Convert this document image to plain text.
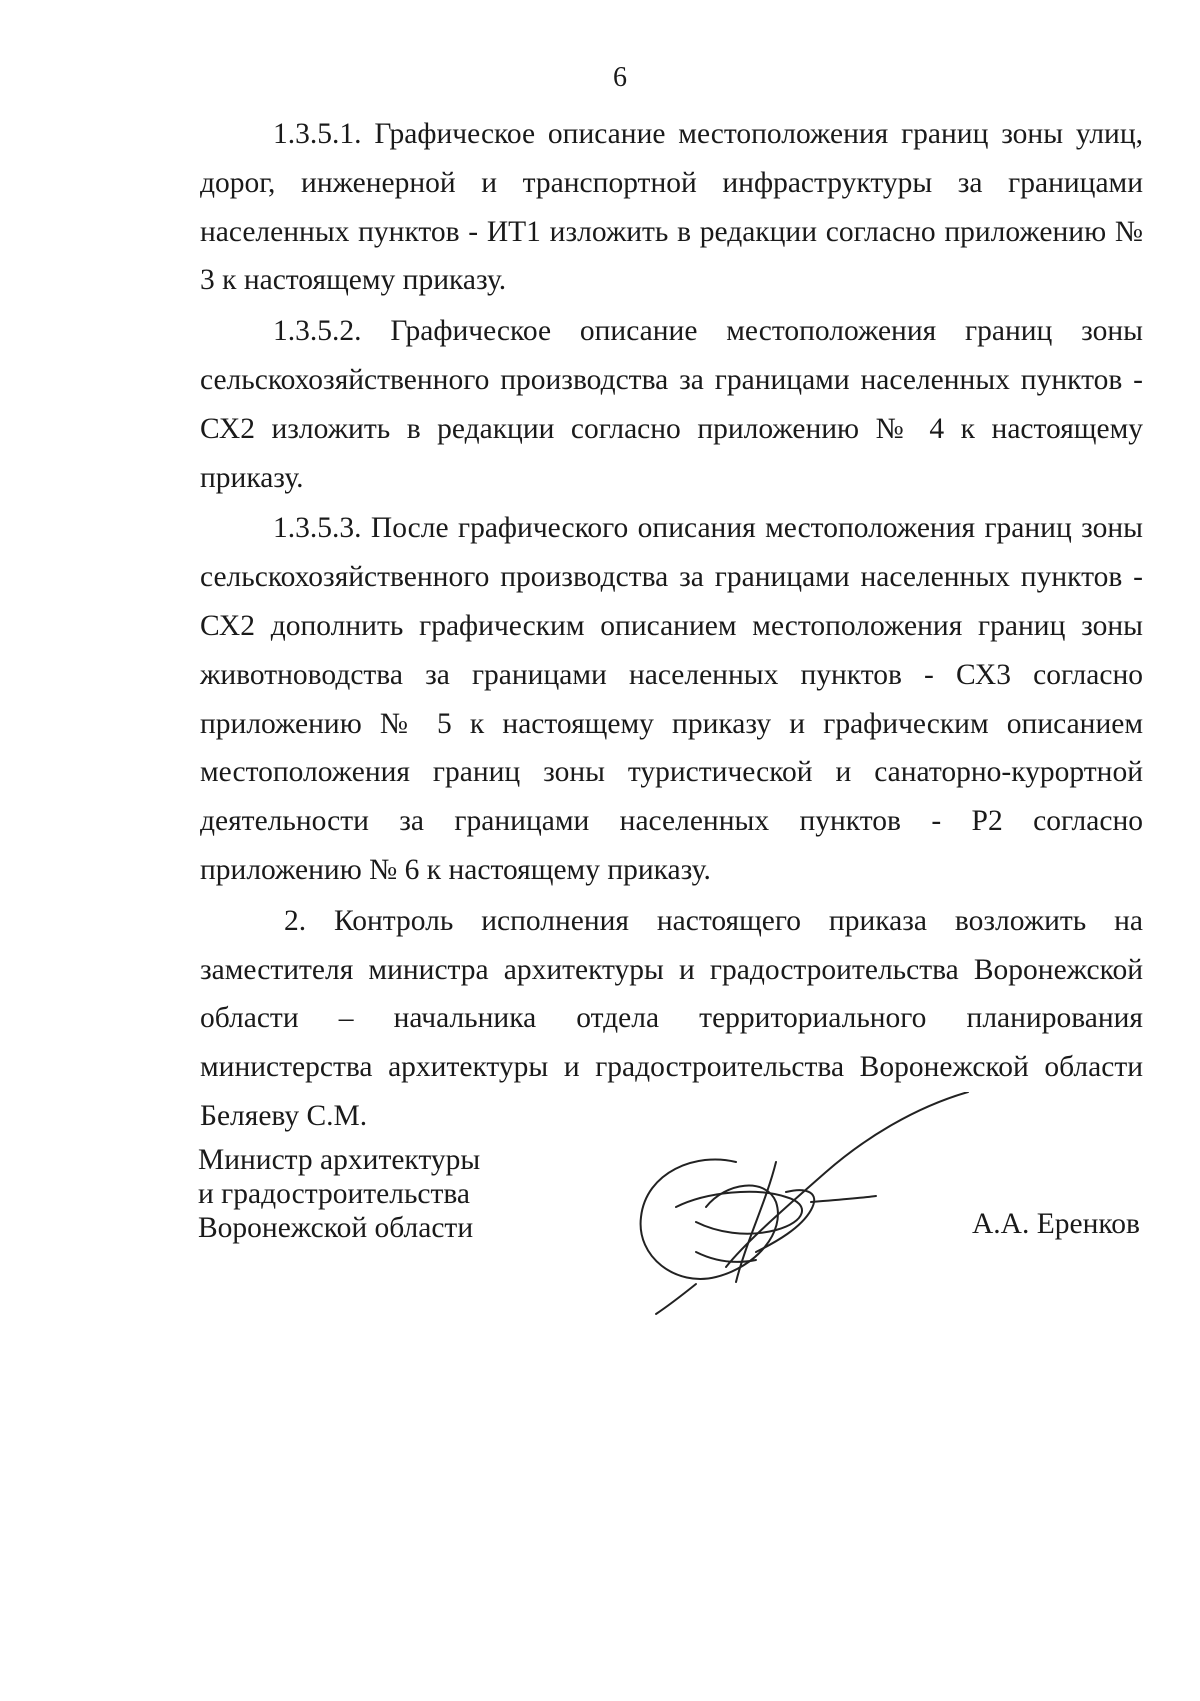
6

1.3.5.1. Графическое описание местоположения границ зоны улиц, дорог, инженерной и транспортной инфраструктуры за границами населенных пунктов - ИТ1 изложить в редакции согласно приложению № 3 к настоящему приказу.

1.3.5.2. Графическое описание местоположения границ зоны сельскохозяйственного производства за границами населенных пунктов - СХ2 изложить в редакции согласно приложению № 4 к настоящему приказу.

1.3.5.3. После графического описания местоположения границ зоны сельскохозяйственного производства за границами населенных пунктов - СХ2 дополнить графическим описанием местоположения границ зоны животноводства за границами населенных пунктов - СХ3 согласно приложению № 5 к настоящему приказу и графическим описанием местоположения границ зоны туристической и санаторно-курортной деятельности за границами населенных пунктов - Р2 согласно приложению № 6 к настоящему приказу.

2. Контроль исполнения настоящего приказа возложить на заместителя министра архитектуры и градостроительства Воронежской области – начальника отдела территориального планирования министерства архитектуры и градостроительства Воронежской области Беляеву С.М.

Министр архитектуры
и градостроительства
Воронежской области	А.А. Еренков
